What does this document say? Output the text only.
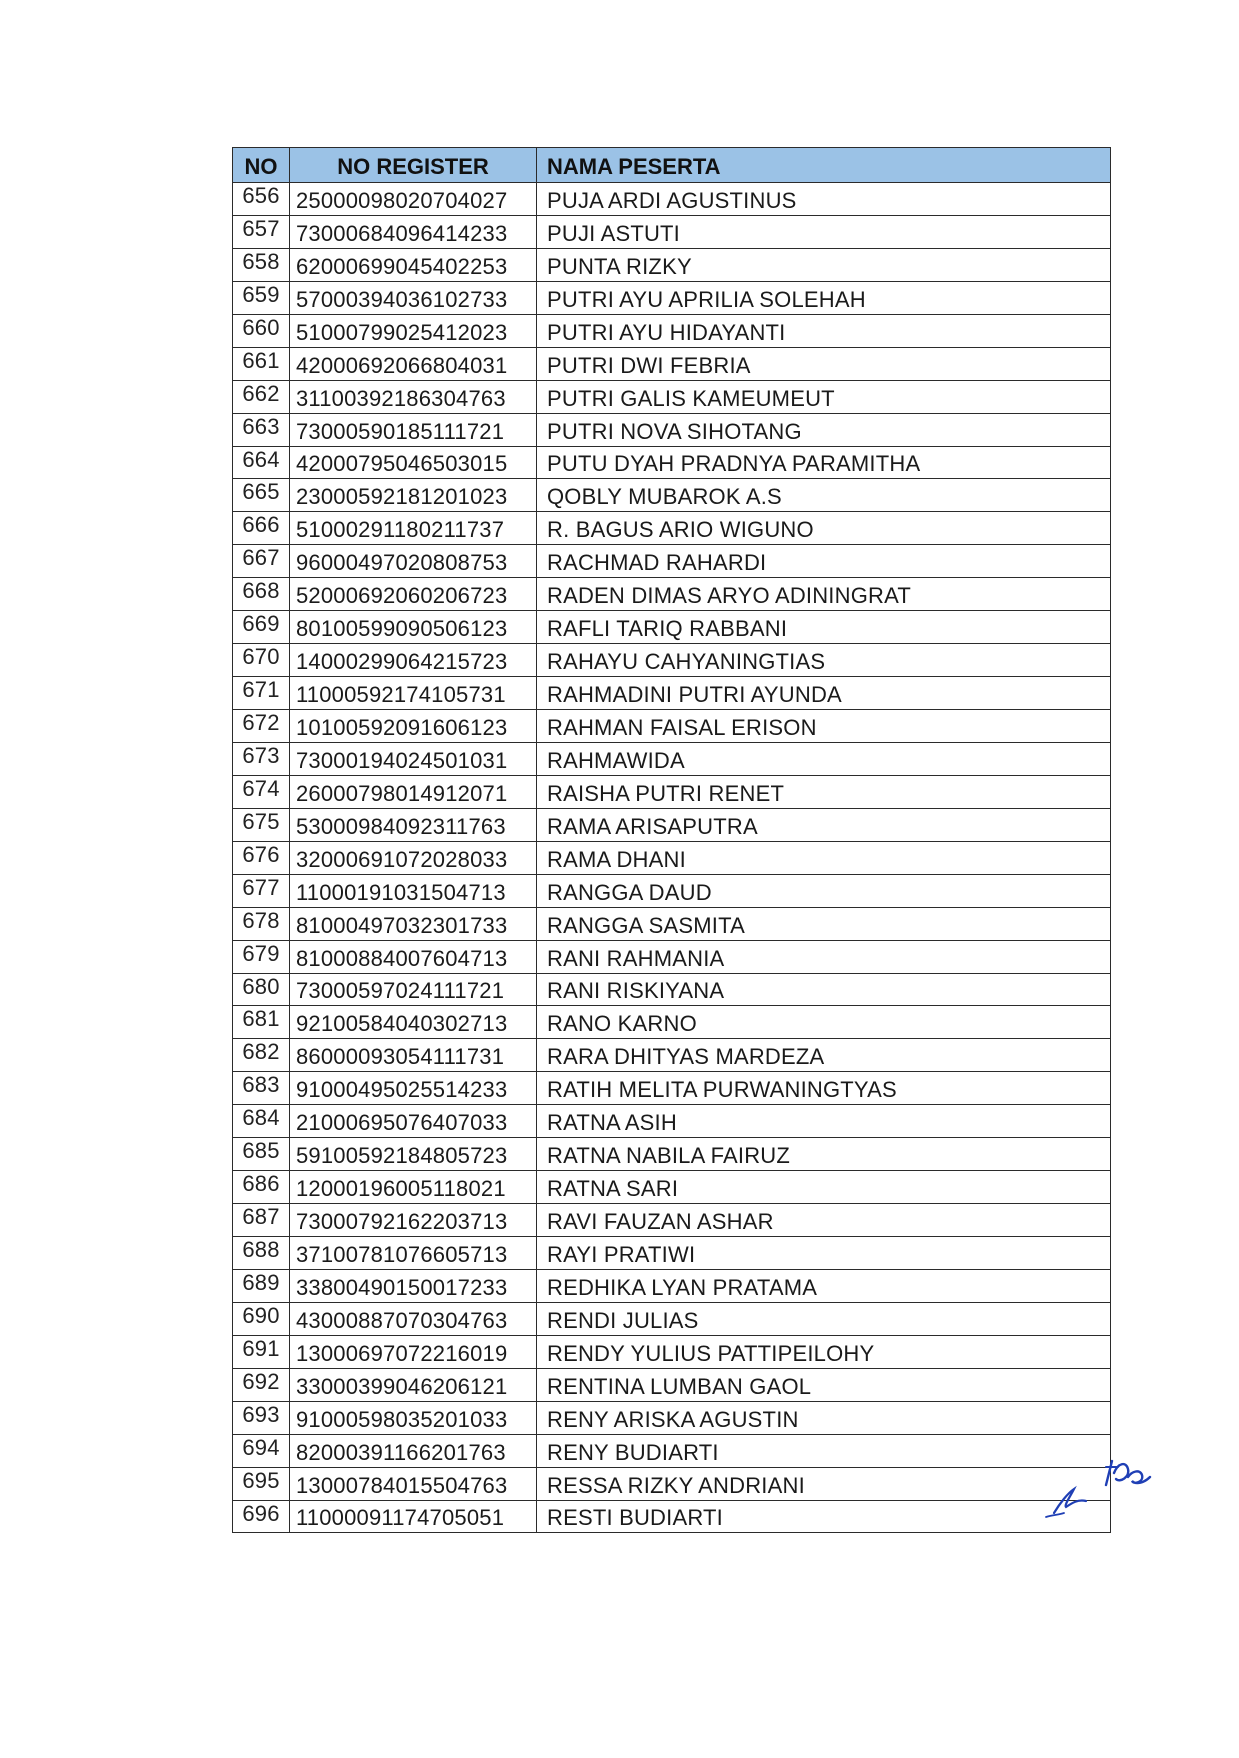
NO	NO REGISTER	NAMA PESERTA
656	25000098020704027	PUJA ARDI AGUSTINUS
657	73000684096414233	PUJI ASTUTI
658	62000699045402253	PUNTA RIZKY
659	57000394036102733	PUTRI AYU APRILIA SOLEHAH
660	51000799025412023	PUTRI AYU HIDAYANTI
661	42000692066804031	PUTRI DWI FEBRIA
662	31100392186304763	PUTRI GALIS KAMEUMEUT
663	73000590185111721	PUTRI NOVA SIHOTANG
664	42000795046503015	PUTU DYAH PRADNYA PARAMITHA
665	23000592181201023	QOBLY MUBAROK A.S
666	51000291180211737	R. BAGUS ARIO WIGUNO
667	96000497020808753	RACHMAD RAHARDI
668	52000692060206723	RADEN DIMAS ARYO ADININGRAT
669	80100599090506123	RAFLI TARIQ RABBANI
670	14000299064215723	RAHAYU CAHYANINGTIAS
671	11000592174105731	RAHMADINI PUTRI AYUNDA
672	10100592091606123	RAHMAN FAISAL ERISON
673	73000194024501031	RAHMAWIDA
674	26000798014912071	RAISHA PUTRI RENET
675	53000984092311763	RAMA ARISAPUTRA
676	32000691072028033	RAMA DHANI
677	11000191031504713	RANGGA DAUD
678	81000497032301733	RANGGA SASMITA
679	81000884007604713	RANI RAHMANIA
680	73000597024111721	RANI RISKIYANA
681	92100584040302713	RANO KARNO
682	86000093054111731	RARA DHITYAS MARDEZA
683	91000495025514233	RATIH MELITA PURWANINGTYAS
684	21000695076407033	RATNA ASIH
685	59100592184805723	RATNA NABILA FAIRUZ
686	12000196005118021	RATNA SARI
687	73000792162203713	RAVI FAUZAN ASHAR
688	37100781076605713	RAYI PRATIWI
689	33800490150017233	REDHIKA LYAN PRATAMA
690	43000887070304763	RENDI JULIAS
691	13000697072216019	RENDY YULIUS PATTIPEILOHY
692	33000399046206121	RENTINA LUMBAN GAOL
693	91000598035201033	RENY ARISKA AGUSTIN
694	82000391166201763	RENY BUDIARTI
695	13000784015504763	RESSA RIZKY ANDRIANI
696	11000091174705051	RESTI BUDIARTI
